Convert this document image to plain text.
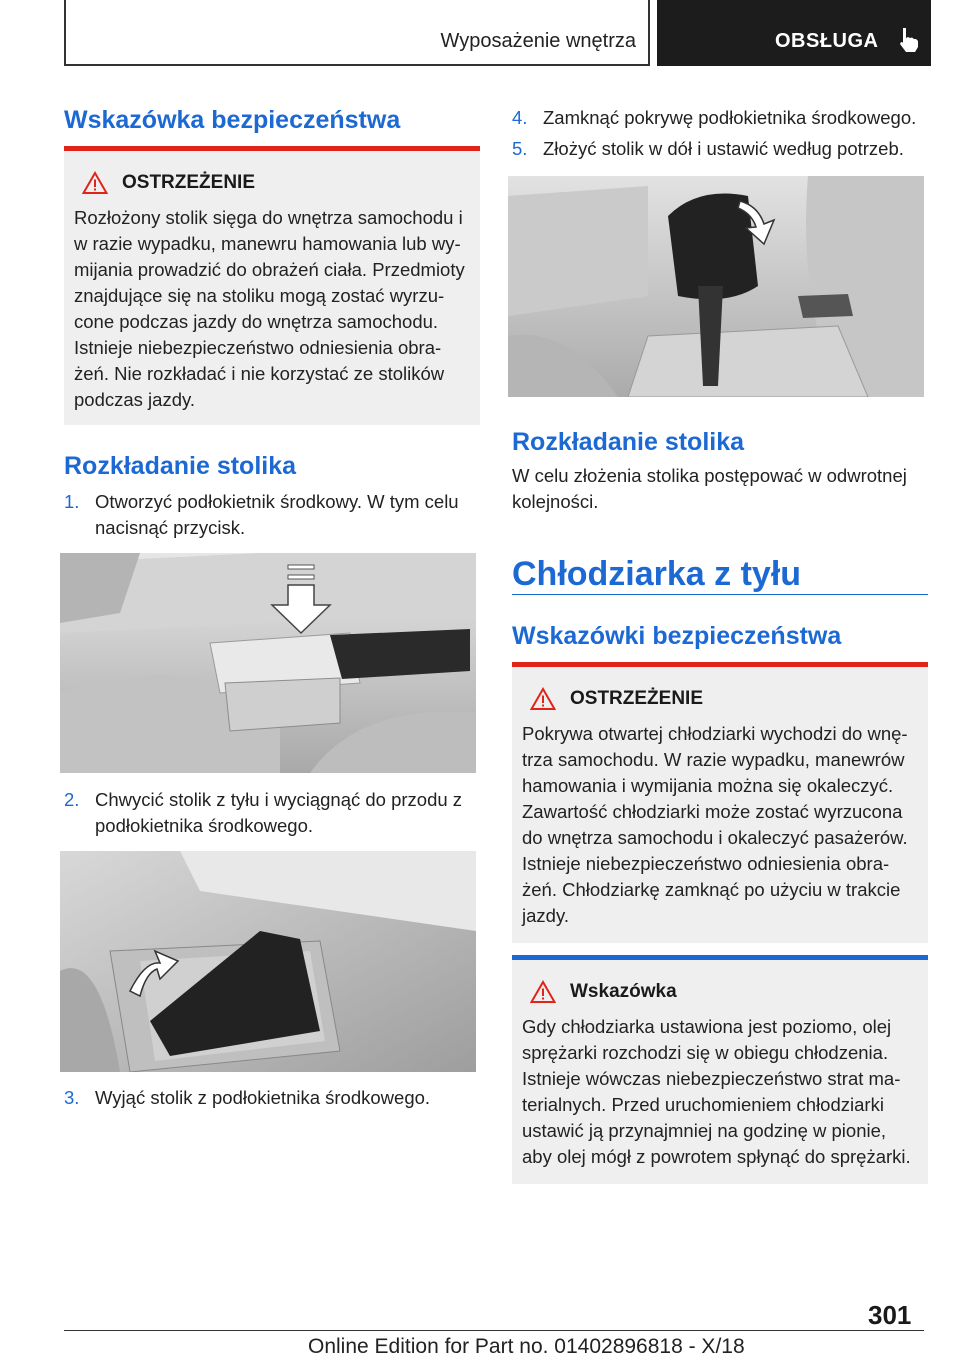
Wyposażenie wnętrza	OBSŁUGA
Wskazówka bezpieczeństwa
OSTRZEŻENIE
Rozłożony stolik sięga do wnętrza samochodu i
w razie wypadku, manewru hamowania lub wy-
mijania prowadzić do obrażeń ciała. Przedmioty
znajdujące się na stoliku mogą zostać wyrzu-
cone podczas jazdy do wnętrza samochodu.
Istnieje niebezpieczeństwo odniesienia obra-
żeń. Nie rozkładać i nie korzystać ze stolików
podczas jazdy.
Rozkładanie stolika
1. Otworzyć podłokietnik środkowy. W tym celu
nacisnąć przycisk.
2. Chwycić stolik z tyłu i wyciągnąć do przodu z
podłokietnika środkowego.
3. Wyjąć stolik z podłokietnika środkowego.
4. Zamknąć pokrywę podłokietnika środkowego.
5. Złożyć stolik w dół i ustawić według potrzeb.
Rozkładanie stolika
W celu złożenia stolika postępować w odwrotnej
kolejności.
Chłodziarka z tyłu
Wskazówki bezpieczeństwa
OSTRZEŻENIE
Pokrywa otwartej chłodziarki wychodzi do wnę-
trza samochodu. W razie wypadku, manewrów
hamowania i wymijania można się okaleczyć.
Zawartość chłodziarki może zostać wyrzucona
do wnętrza samochodu i okaleczyć pasażerów.
Istnieje niebezpieczeństwo odniesienia obra-
żeń. Chłodziarkę zamknąć po użyciu w trakcie
jazdy.
Wskazówka
Gdy chłodziarka ustawiona jest poziomo, olej
sprężarki rozchodzi się w obiegu chłodzenia.
Istnieje wówczas niebezpieczeństwo strat ma-
terialnych. Przed uruchomieniem chłodziarki
ustawić ją przynajmniej na godzinę w pionie,
aby olej mógł z powrotem spłynąć do sprężarki.
301
Online Edition for Part no. 01402896818 - X/18
